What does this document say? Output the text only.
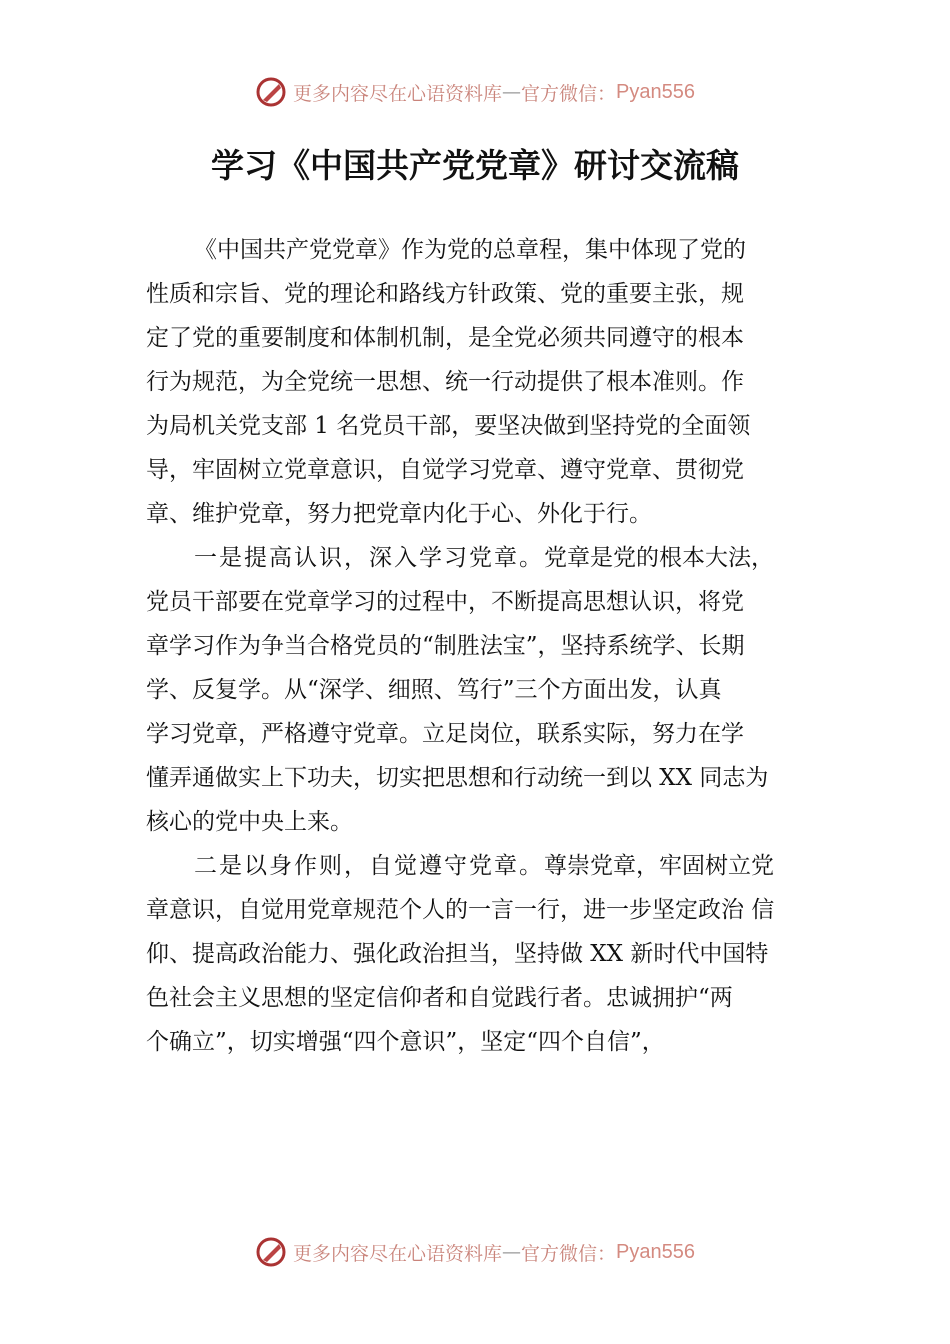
更多内容尽在心语资料库 — 官方微信： Pyan556
学习《中国共产党党章》研讨交流稿
《中国共产党党章》作为党的总章程，集中体现了党的
性质和宗旨、党的理论和路线方针政策、党的重要主张，规
定了党的重要制度和体制机制，是全党必须共同遵守的根本
行为规范，为全党统一思想、统一行动提供了根本准则。作
为局机关党支部 1 名党员干部，要坚决做到坚持党的全面领
导，牢固树立党章意识，自觉学习党章、遵守党章、贯彻党
章、维护党章，努力把党章内化于心、外化于行。
一是提高认识，深入学习党章。党章是党的根本大法，
党员干部要在党章学习的过程中，不断提高思想认识，将党
章学习作为争当合格党员的“制胜法宝”，坚持系统学、长期
学、反复学。从“深学、细照、笃行”三个方面出发，认真
学习党章，严格遵守党章。立足岗位，联系实际，努力在学
懂弄通做实上下功夫，切实把思想和行动统一到以 XX 同志为
核心的党中央上来。
二是以身作则，自觉遵守党章。尊崇党章，牢固树立党
章意识，自觉用党章规范个人的一言一行，进一步坚定政治 信
仰、提高政治能力、强化政治担当，坚持做 XX 新时代中国特
色社会主义思想的坚定信仰者和自觉践行者。忠诚拥护“两
个确立”，切实增强“四个意识”，坚定“四个自信”，
更多内容尽在心语资料库 — 官方微信： Pyan556
